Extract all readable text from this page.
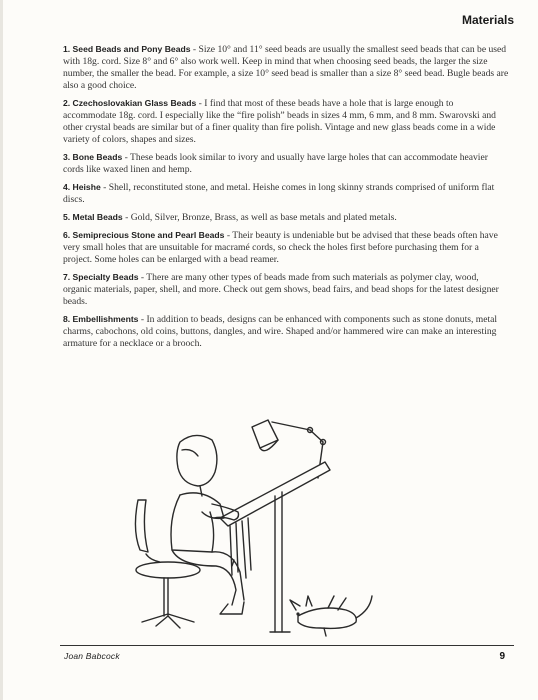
Materials

1. Seed Beads and Pony Beads - Size 10° and 11° seed beads are usually the smallest seed beads that can be used with 18g. cord. Size 8° and 6° also work well. Keep in mind that when choosing seed beads, the larger the size number, the smaller the bead. For example, a size 10° seed bead is smaller than a size 8° seed bead. Bugle beads are also a good choice.

2. Czechoslovakian Glass Beads - I find that most of these beads have a hole that is large enough to accommodate 18g. cord. I especially like the “fire polish” beads in sizes 4 mm, 6 mm, and 8 mm. Swarovski and other crystal beads are similar but of a finer quality than fire polish. Vintage and new glass beads come in a wide variety of colors, shapes and sizes.

3. Bone Beads - These beads look similar to ivory and usually have large holes that can accommodate heavier cords like waxed linen and hemp.

4. Heishe - Shell, reconstituted stone, and metal. Heishe comes in long skinny strands comprised of uniform flat discs.

5. Metal Beads - Gold, Silver, Bronze, Brass, as well as base metals and plated metals.

6. Semiprecious Stone and Pearl Beads - Their beauty is undeniable but be advised that these beads often have very small holes that are unsuitable for macramé cords, so check the holes first before purchasing them for a project. Some holes can be enlarged with a bead reamer.

7. Specialty Beads - There are many other types of beads made from such materials as polymer clay, wood, organic materials, paper, shell, and more. Check out gem shows, bead fairs, and bead shops for the latest designer beads.

8. Embellishments - In addition to beads, designs can be enhanced with components such as stone donuts, metal charms, cabochons, old coins, buttons, dangles, and wire. Shaped and/or hammered wire can make an interesting armature for a necklace or a brooch.

Joan Babcock	9
